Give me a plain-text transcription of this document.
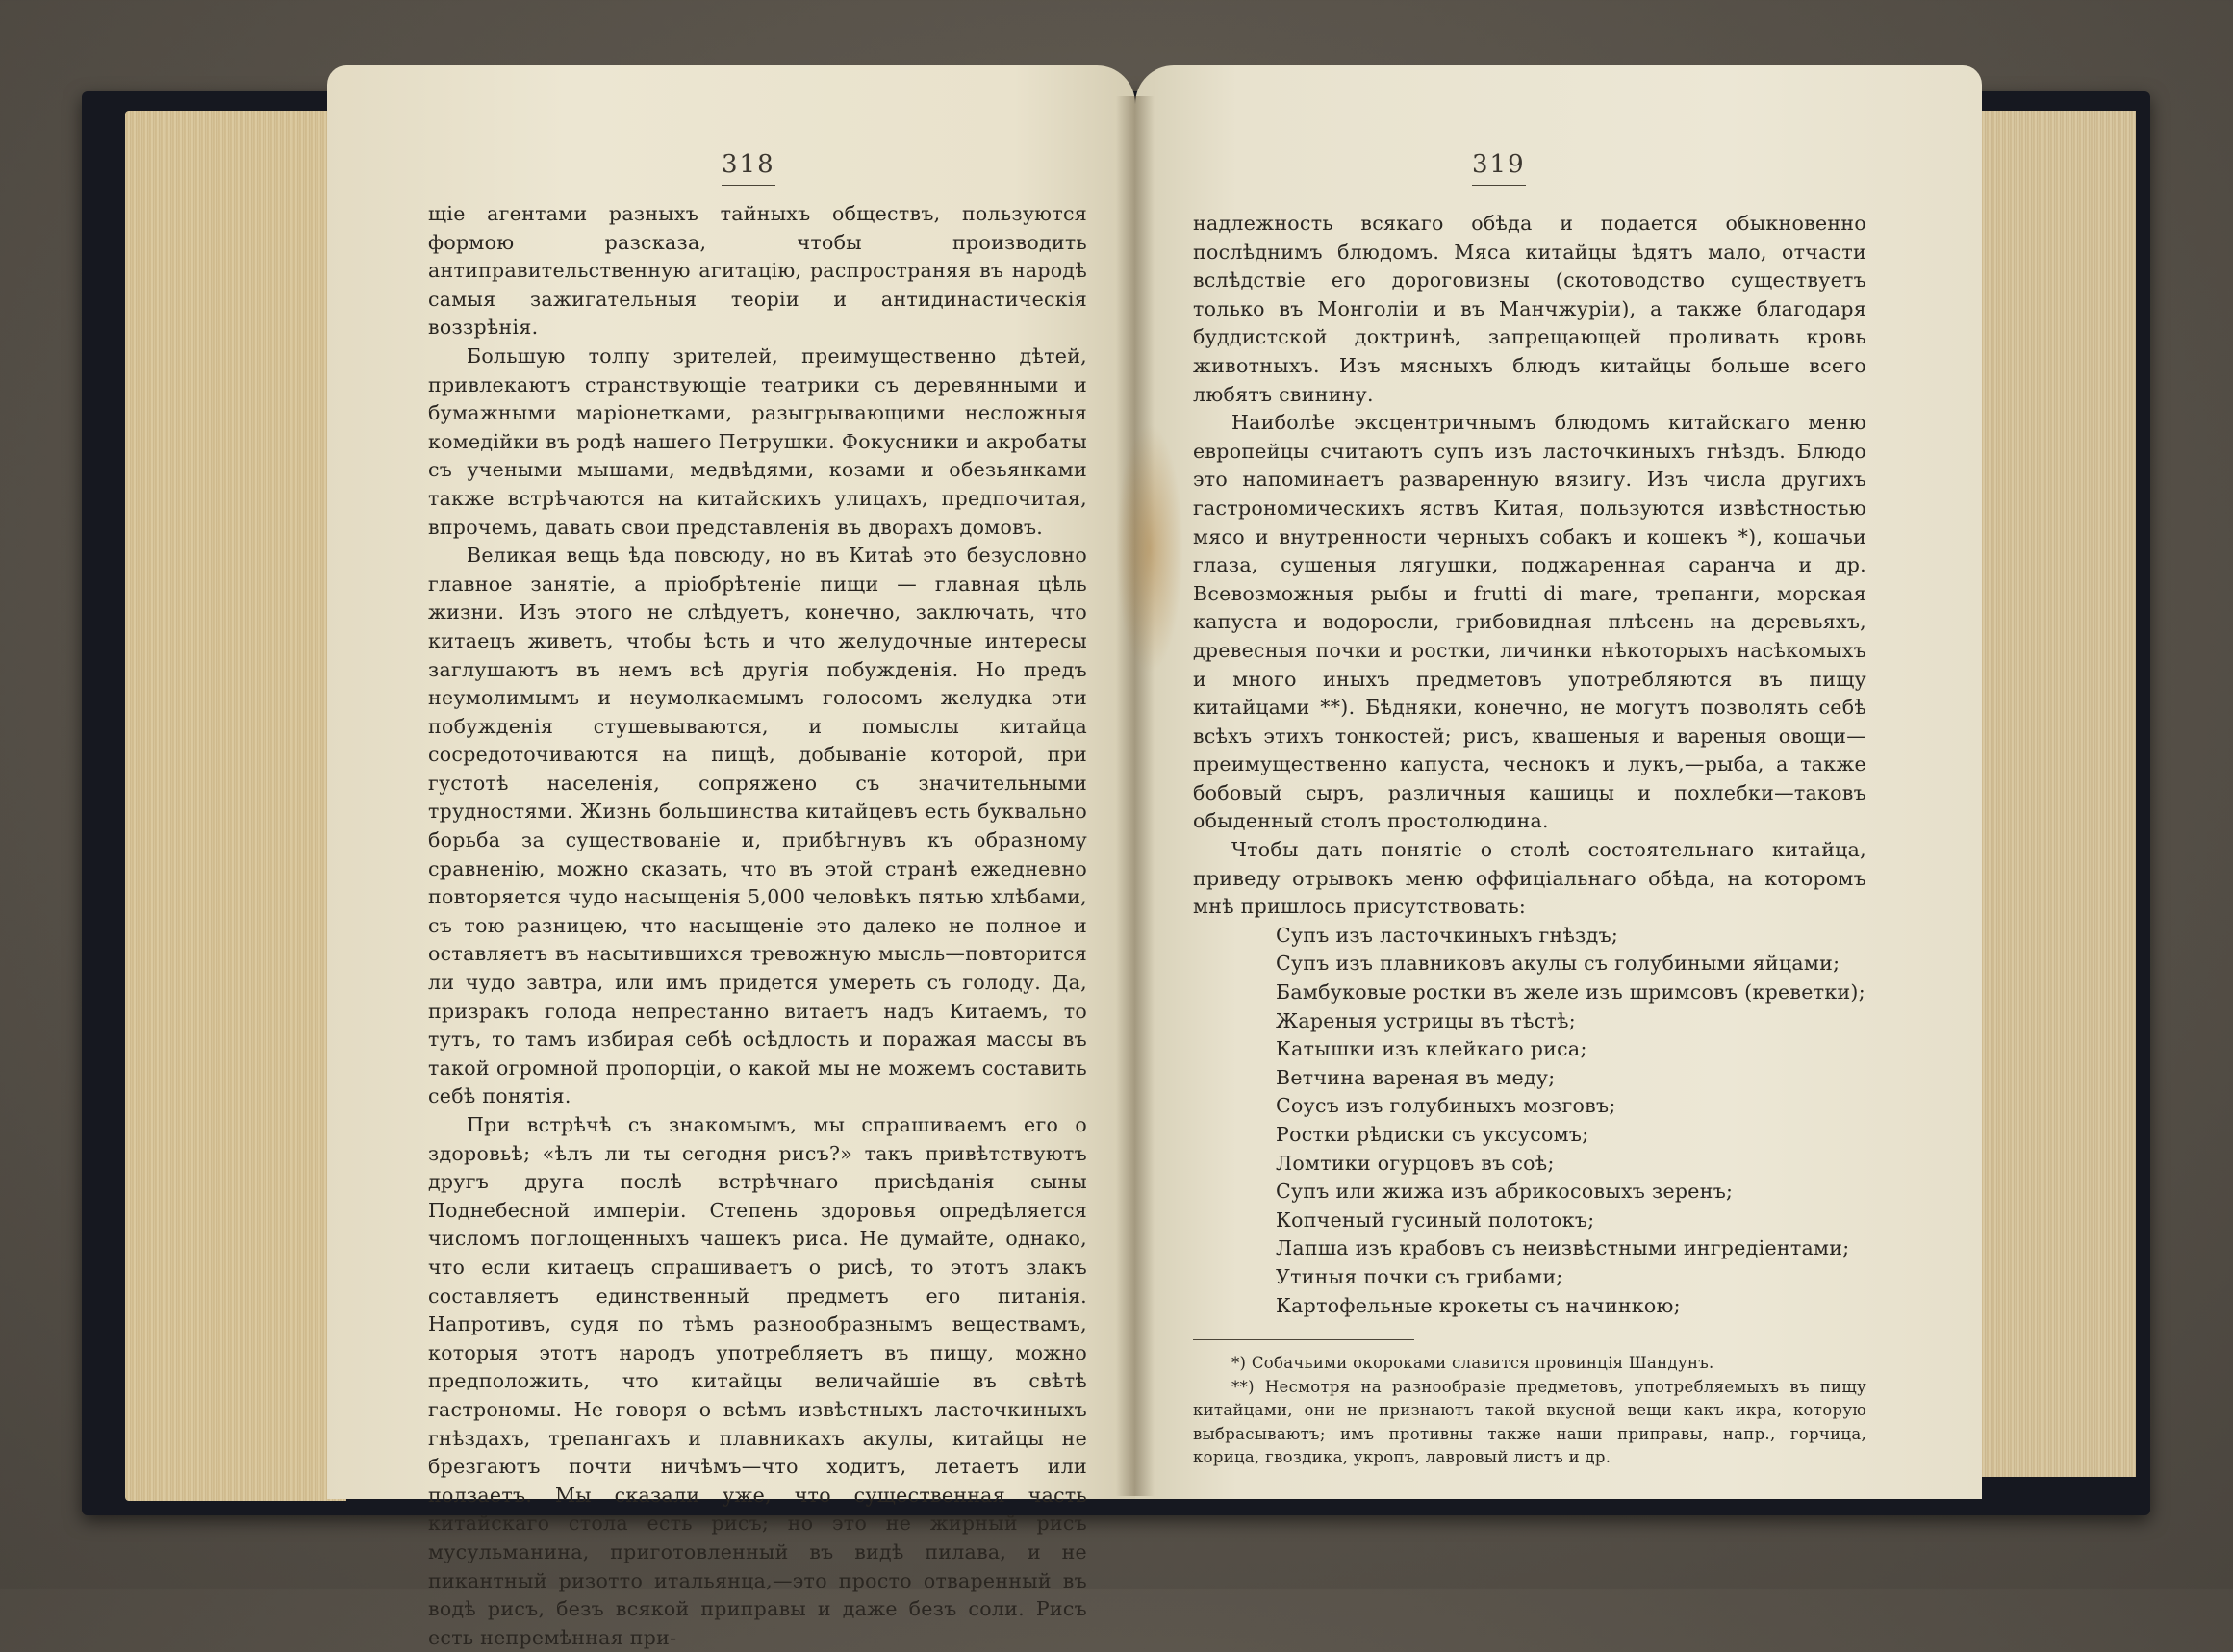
318

щіе агентами разныхъ тайныхъ обществъ, пользуются формою разсказа, чтобы производить антиправительственную агитацію, распространяя въ народѣ самыя зажигательныя теоріи и антидинастическія воззрѣнія.

Большую толпу зрителей, преимущественно дѣтей, привлекаютъ странствующіе театрики съ деревянными и бумажными маріонетками, разыгрывающими несложныя комедійки въ родѣ нашего Петрушки. Фокусники и акробаты съ учеными мышами, медвѣдями, козами и обезьянками также встрѣчаются на китайскихъ улицахъ, предпочитая, впрочемъ, давать свои представленія въ дворахъ домовъ.

Великая вещь ѣда повсюду, но въ Китаѣ это безусловно главное занятіе, а пріобрѣтеніе пищи — главная цѣль жизни. Изъ этого не слѣдуетъ, конечно, заключать, что китаецъ живетъ, чтобы ѣсть и что желудочные интересы заглушаютъ въ немъ всѣ другія побужденія. Но предъ неумолимымъ и неумолкаемымъ голосомъ желудка эти побужденія стушевываются, и помыслы китайца сосредоточиваются на пищѣ, добываніе которой, при густотѣ населенія, сопряжено съ значительными трудностями. Жизнь большинства китайцевъ есть буквально борьба за существованіе и, прибѣгнувъ къ образному сравненію, можно сказать, что въ этой странѣ ежедневно повторяется чудо насыщенія 5,000 человѣкъ пятью хлѣбами, съ тою разницею, что насыщеніе это далеко не полное и оставляетъ въ насытившихся тревожную мысль—повторится ли чудо завтра, или имъ придется умереть съ голоду. Да, призракъ голода непрестанно витаетъ надъ Китаемъ, то тутъ, то тамъ избирая себѣ осѣдлость и поражая массы въ такой огромной пропорціи, о какой мы не можемъ составить себѣ понятія.

При встрѣчѣ съ знакомымъ, мы спрашиваемъ его о здоровьѣ; «ѣлъ ли ты сегодня рисъ?» такъ привѣтствуютъ другъ друга послѣ встрѣчнаго присѣданія сыны Поднебесной имперіи. Степень здоровья опредѣляется числомъ поглощенныхъ чашекъ риса. Не думайте, однако, что если китаецъ спрашиваетъ о рисѣ, то этотъ злакъ составляетъ единственный предметъ его питанія. Напротивъ, судя по тѣмъ разнообразнымъ веществамъ, которыя этотъ народъ употребляетъ въ пищу, можно предположить, что китайцы величайшіе въ свѣтѣ гастрономы. Не говоря о всѣмъ извѣстныхъ ласточкиныхъ гнѣздахъ, трепангахъ и плавникахъ акулы, китайцы не брезгаютъ почти ничѣмъ—что ходитъ, летаетъ или ползаетъ. Мы сказали уже, что существенная часть китайскаго стола есть рисъ; но это не жирный рисъ мусульманина, приготовленный въ видѣ пилава, и не пикантный ризотто итальянца,—это просто отваренный въ водѣ рисъ, безъ всякой приправы и даже безъ соли. Рисъ есть непремѣнная при-

319

надлежность всякаго обѣда и подается обыкновенно послѣднимъ блюдомъ. Мяса китайцы ѣдятъ мало, отчасти вслѣдствіе его дороговизны (скотоводство существуетъ только въ Монголіи и въ Манчжуріи), а также благодаря буддистской доктринѣ, запрещающей проливать кровь животныхъ. Изъ мясныхъ блюдъ китайцы больше всего любятъ свинину.

Наиболѣе эксцентричнымъ блюдомъ китайскаго меню европейцы считаютъ супъ изъ ласточкиныхъ гнѣздъ. Блюдо это напоминаетъ разваренную вязигу. Изъ числа другихъ гастрономическихъ яствъ Китая, пользуются извѣстностью мясо и внутренности черныхъ собакъ и кошекъ *), кошачьи глаза, сушеныя лягушки, поджаренная саранча и др. Всевозможныя рыбы и frutti di mare, трепанги, морская капуста и водоросли, грибовидная плѣсень на деревьяхъ, древесныя почки и ростки, личинки нѣкоторыхъ насѣкомыхъ и много иныхъ предметовъ употребляются въ пищу китайцами **). Бѣдняки, конечно, не могутъ позволять себѣ всѣхъ этихъ тонкостей; рисъ, квашеныя и вареныя овощи—преимущественно капуста, чеснокъ и лукъ,—рыба, а также бобовый сыръ, различныя кашицы и похлебки—таковъ обыденный столъ простолюдина.

Чтобы дать понятіе о столѣ состоятельнаго китайца, приведу отрывокъ меню оффиціальнаго обѣда, на которомъ мнѣ пришлось присутствовать:

Супъ изъ ласточкиныхъ гнѣздъ;
Супъ изъ плавниковъ акулы съ голубиными яйцами;
Бамбуковые ростки въ желе изъ шримсовъ (креветки);
Жареныя устрицы въ тѣстѣ;
Катышки изъ клейкаго риса;
Ветчина вареная въ меду;
Соусъ изъ голубиныхъ мозговъ;
Ростки рѣдиски съ уксусомъ;
Ломтики огурцовъ въ соѣ;
Супъ или жижа изъ абрикосовыхъ зеренъ;
Копченый гусиный полотокъ;
Лапша изъ крабовъ съ неизвѣстными ингредіентами;
Утиныя почки съ грибами;
Картофельные крокеты съ начинкою;

*) Собачьими окороками славится провинція Шандунъ.

**) Несмотря на разнообразіе предметовъ, употребляемыхъ въ пищу китайцами, они не признаютъ такой вкусной вещи какъ икра, которую выбрасываютъ; имъ противны также наши приправы, напр., горчица, корица, гвоздика, укропъ, лавровый листъ и др.
